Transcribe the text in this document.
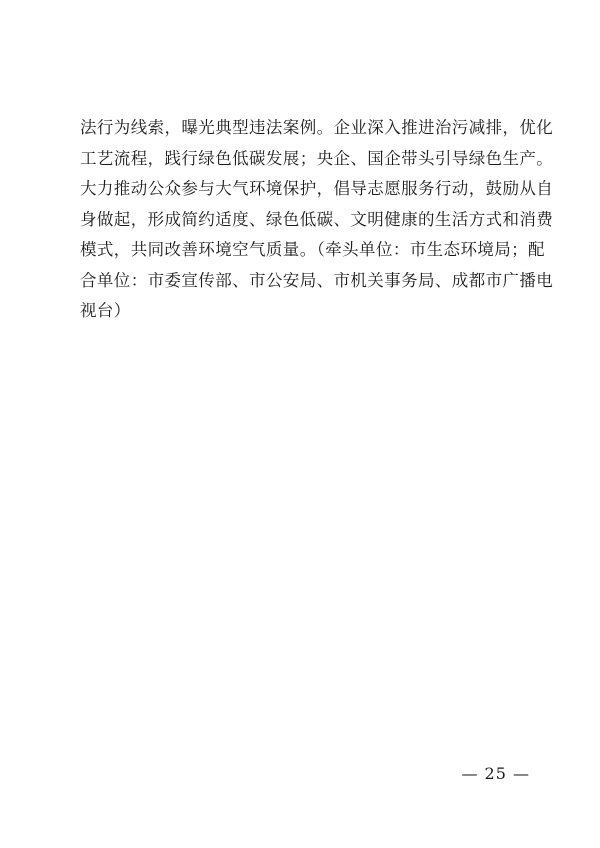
法行为线索，曝光典型违法案例。企业深入推进治污减排，优化
工艺流程，践行绿色低碳发展；央企、国企带头引导绿色生产。
大力推动公众参与大气环境保护，倡导志愿服务行动，鼓励从自
身做起，形成简约适度、绿色低碳、文明健康的生活方式和消费
模式，共同改善环境空气质量。（牵头单位：市生态环境局；配
合单位：市委宣传部、市公安局、市机关事务局、成都市广播电
视台）
— 25 —
